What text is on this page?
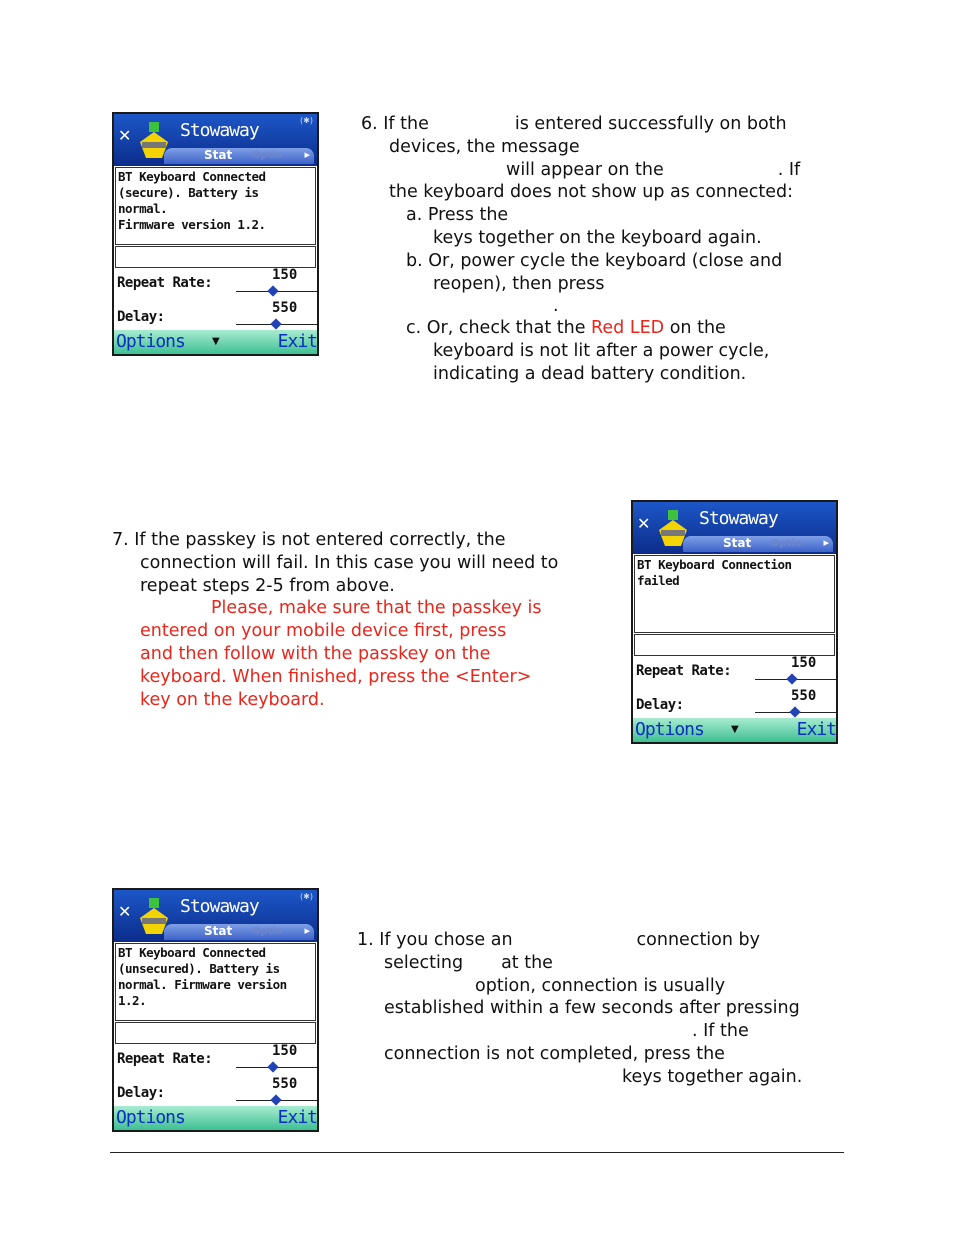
✕	Stowaway	(✱)
Stat Optio ▸
BT Keyboard Connected
(secure). Battery is normal.
Firmware version 1.2.
Repeat Rate:	150
Delay:
550
Options	▼	Exit

6. If the	is entered successfully on both

devices, the message

will appear on the	. If

the keyboard does not show up as connected:

a. Press the

keys together on the keyboard again.

b. Or, power cycle the keyboard (close and

reopen), then press

.

c. Or, check that the Red LED on the

keyboard is not lit after a power cycle,

indicating a dead battery condition.

7. If the passkey is not entered correctly, the

connection will fail. In this case you will need to

repeat steps 2-5 from above.

Please, make sure that the passkey is

entered on your mobile device first, press

and then follow with the passkey on the

keyboard. When finished, press the <Enter>

key on the keyboard.

✕	Stowaway
Stat Optio ▸
BT Keyboard Connection
failed
Repeat Rate:	150
Delay:
550
Options	▼	Exit
✕	Stowaway	(✱)
Stat Optio ▸
BT Keyboard Connected
(unsecured). Battery is
normal. Firmware version
1.2.
Repeat Rate:	150
Delay:
550
Options	Exit

1. If you chose an	connection by

selecting at the

option, connection is usually

established within a few seconds after pressing

. If the

connection is not completed, press the

keys together again.
